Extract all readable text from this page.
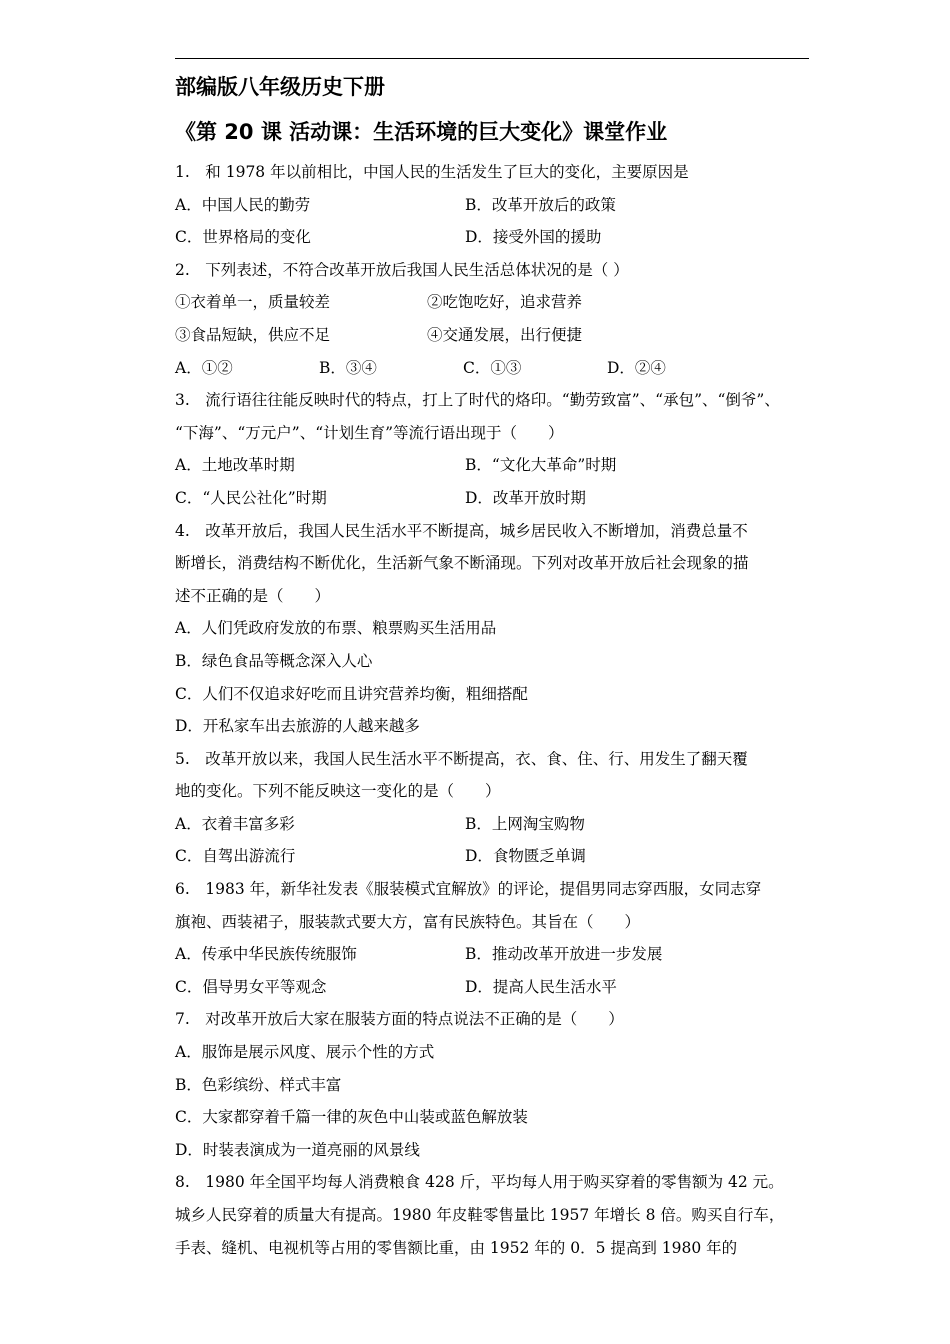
部编版八年级历史下册
《第 20 课 活动课：生活环境的巨大变化》课堂作业
1.　和 1978 年以前相比，中国人民的生活发生了巨大的变化，主要原因是
A．中国人民的勤劳	B．改革开放后的政策
C．世界格局的变化	D．接受外国的援助
2.　下列表述，不符合改革开放后我国人民生活总体状况的是（ ）
①衣着单一，质量较差	②吃饱吃好，追求营养
③食品短缺，供应不足	④交通发展，出行便捷
A．①②	B．③④	C．①③	D．②④
3.　流行语往往能反映时代的特点，打上了时代的烙印。“勤劳致富”、“承包”、“倒爷”、
“下海”、“万元户”、“计划生育”等流行语出现于（　　）
A．土地改革时期	B．“文化大革命”时期
C．“人民公社化”时期	D．改革开放时期
4.　改革开放后，我国人民生活水平不断提高，城乡居民收入不断增加，消费总量不
断增长，消费结构不断优化，生活新气象不断涌现。下列对改革开放后社会现象的描
述不正确的是（　　）
A．人们凭政府发放的布票、粮票购买生活用品
B．绿色食品等概念深入人心
C．人们不仅追求好吃而且讲究营养均衡，粗细搭配
D．开私家车出去旅游的人越来越多
5.　改革开放以来，我国人民生活水平不断提高，衣、食、住、行、用发生了翻天覆
地的变化。下列不能反映这一变化的是（　　）
A．衣着丰富多彩	B．上网淘宝购物
C．自驾出游流行	D．食物匮乏单调
6.　1983 年，新华社发表《服装模式宜解放》的评论，提倡男同志穿西服，女同志穿
旗袍、西装裙子，服装款式要大方，富有民族特色。其旨在（　　）
A．传承中华民族传统服饰	B．推动改革开放进一步发展
C．倡导男女平等观念	D．提高人民生活水平
7.　对改革开放后大家在服装方面的特点说法不正确的是（　　）
A．服饰是展示风度、展示个性的方式
B．色彩缤纷、样式丰富
C．大家都穿着千篇一律的灰色中山装或蓝色解放装
D．时装表演成为一道亮丽的风景线
8.　1980 年全国平均每人消费粮食 428 斤，平均每人用于购买穿着的零售额为 42 元。
城乡人民穿着的质量大有提高。1980 年皮鞋零售量比 1957 年增长 8 倍。购买自行车，
手表、缝机、电视机等占用的零售额比重，由 1952 年的 0．5 提高到 1980 年的
